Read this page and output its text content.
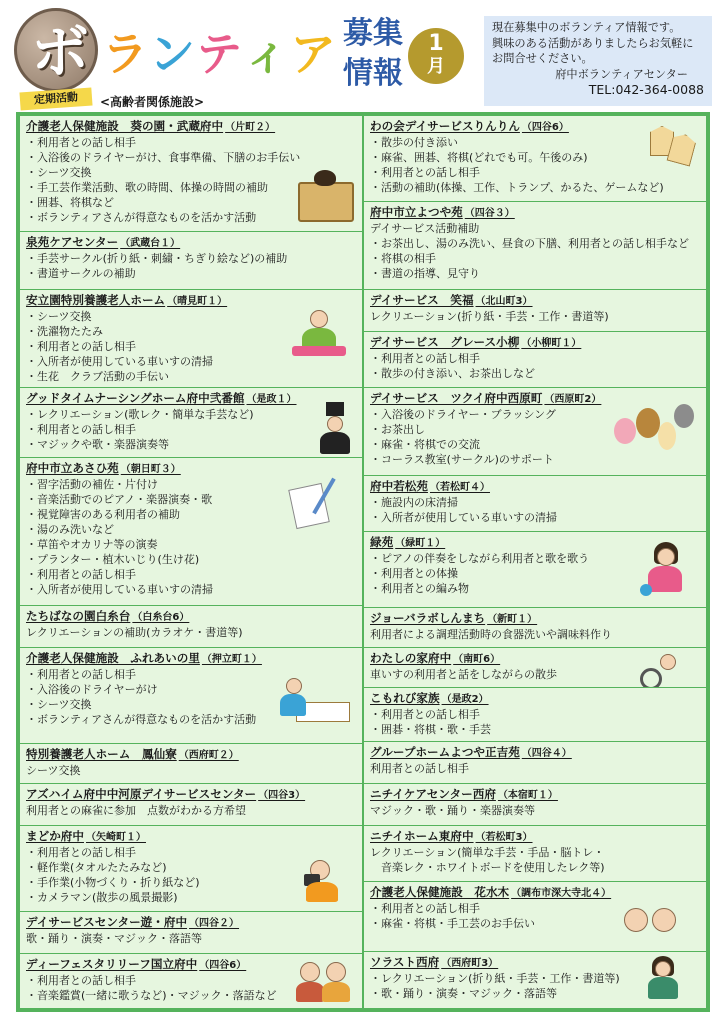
ボ ランティア 募集
情報
1
月

現在募集中のボランティア情報です。

興味のある活動がありましたらお気軽に

お問合せください。

府中ボランティアセンター

TEL:042-364-0088

定期活動	<高齢者関係施設>
介護老人保健施設　葵の園・武蔵府中 （片町２）
・利用者との話し相手
・入浴後のドライヤーがけ、食事準備、下膳のお手伝い
・シーツ交換
・手工芸作業活動、歌の時間、体操の時間の補助
・囲碁、将棋など
・ボランティアさんが得意なものを活かす活動
泉苑ケアセンター （武蔵台１）
・手芸サークル(折り紙・刺繍・ちぎり絵など)の補助
・書道サークルの補助
安立園特別養護老人ホーム （晴見町１）
・シーツ交換
・洗濯物たたみ
・利用者との話し相手
・入所者が使用している車いすの清掃
・生花　クラブ活動の手伝い
グッドタイムナーシングホーム府中弐番館 （是政１）
・レクリエーション(歌レク・簡単な手芸など)
・利用者との話し相手
・マジックや歌・楽器演奏等
府中市立あさひ苑 （朝日町３）
・習字活動の補佐・片付け
・音楽活動でのピアノ・楽器演奏・歌
・視覚障害のある利用者の補助
・湯のみ洗いなど
・草笛やオカリナ等の演奏
・プランター・植木いじり(生け花)
・利用者との話し相手
・入所者が使用している車いすの清掃
たちばなの園白糸台 （白糸台6）
レクリエーションの補助(カラオケ・書道等)
介護老人保健施設　ふれあいの里 （押立町１）
・利用者との話し相手
・入浴後のドライヤーがけ
・シーツ交換
・ボランティアさんが得意なものを活かす活動
特別養護老人ホーム　鳳仙寮 （西府町２）
シーツ交換
アズハイム府中中河原デイサービスセンター （四谷3）
利用者との麻雀に参加　点数がわかる方希望
まどか府中 （矢崎町１）
・利用者との話し相手
・軽作業(タオルたたみなど)
・手作業(小物づくり・折り紙など)
・カメラマン(散歩の風景撮影)
デイサービスセンター遊・府中 （四谷２）
歌・踊り・演奏・マジック・落語等
ディーフェスタリリーフ国立府中 （四谷6）
・利用者との話し相手
・音楽鑑賞(一緒に歌うなど)・マジック・落語など
わの会デイサービスりんりん （四谷6）
・散歩の付き添い
・麻雀、囲碁、将棋(どれでも可。午後のみ)
・利用者との話し相手
・活動の補助(体操、工作、トランプ、かるた、ゲームなど)
府中市立よつや苑 （四谷３）
デイサービス活動補助
・お茶出し、湯のみ洗い、昼食の下膳、利用者との話し相手など
・将棋の相手
・書道の指導、見守り
デイサービス　笑福 （北山町3）
レクリエーション(折り紙・手芸・工作・書道等)
デイサービス　グレース小柳 （小柳町１）
・利用者との話し相手
・散歩の付き添い、お茶出しなど
デイサービス　ツクイ府中西原町 （西原町2）
・入浴後のドライヤー・ブラッシング
・お茶出し
・麻雀・将棋での交流
・コーラス教室(サークル)のサポート
府中若松苑 （若松町４）
・施設内の床清掃
・入所者が使用している車いすの清掃
緑苑 （緑町１）
・ピアノの伴奏をしながら利用者と歌を歌う
・利用者との体操
・利用者との編み物
ジョーバラボしんまち （新町１）
利用者による調理活動時の食器洗いや調味料作り
わたしの家府中 （南町6）
車いすの利用者と話をしながらの散歩
こもれび家族 （是政2）
・利用者との話し相手
・囲碁・将棋・歌・手芸
グループホームよつや正吉苑 （四谷４）
利用者との話し相手
ニチイケアセンター西府 （本宿町１）
マジック・歌・踊り・楽器演奏等
ニチイホーム東府中 （若松町3）
レクリエーション(簡単な手芸・手品・脳トレ・
　音楽レク・ホワイトボードを使用したレク等)
介護老人保健施設　花水木 （調布市深大寺北４）
・利用者との話し相手
・麻雀・将棋・手工芸のお手伝い
ソラスト西府 （西府町3）
・レクリエーション(折り紙・手芸・工作・書道等)
・歌・踊り・演奏・マジック・落語等
